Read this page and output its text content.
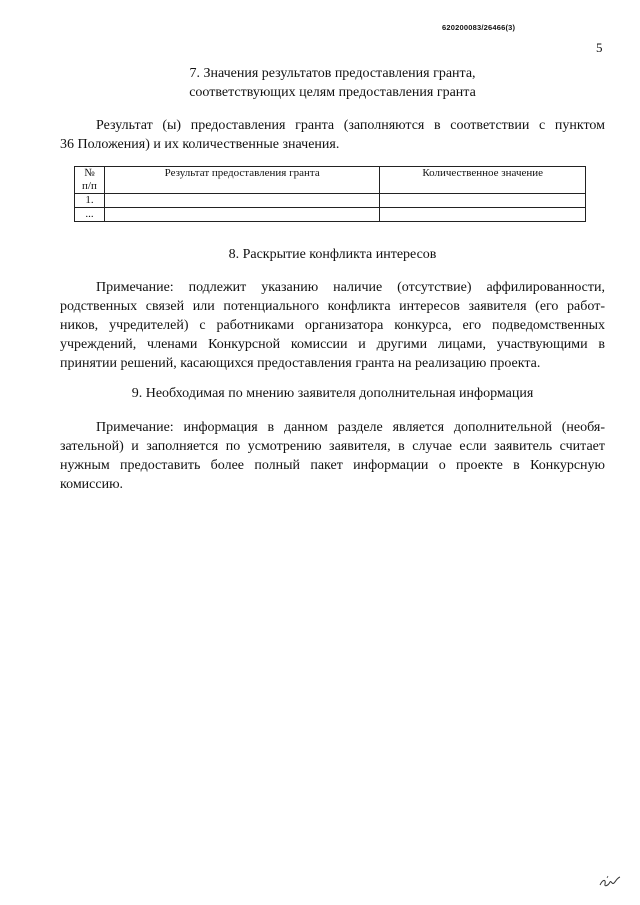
620200083/26466(3)
5
7. Значения результатов предоставления гранта,
соответствующих целям предоставления гранта
Результат (ы) предоставления гранта (заполняются в соответствии с пунктом
36 Положения) и их количественные значения.
№
п/п	Результат предоставления гранта	Количественное значение
1.		
...		
8. Раскрытие конфликта интересов
Примечание: подлежит указанию наличие (отсутствие) аффилированности,
родственных связей или потенциального конфликта интересов заявителя (его работ-
ников, учредителей) с работниками организатора конкурса, его подведомственных
учреждений, членами Конкурсной комиссии и другими лицами, участвующими в
принятии решений, касающихся предоставления гранта на реализацию проекта.
9. Необходимая по мнению заявителя дополнительная информация
Примечание: информация в данном разделе является дополнительной (необя-
зательной) и заполняется по усмотрению заявителя, в случае если заявитель считает
нужным предоставить более полный пакет информации о проекте в Конкурсную
комиссию.
